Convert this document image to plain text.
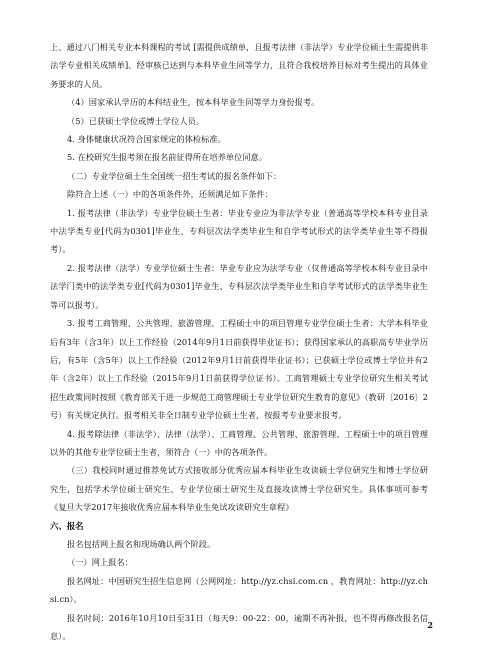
上、通过八门相关专业本科课程的考试 [需提供成绩单，且报考法律（非法学）专业学位硕士生需提供非法学专业相关成绩单]、经审核已达到与本科毕业生同等学力，且符合我校培养目标对考生提出的具体业务要求的人员。

（4）国家承认学历的本科结业生，按本科毕业生同等学力身份报考。

（5）已获硕士学位或博士学位人员。

4. 身体健康状况符合国家规定的体检标准。

5. 在校研究生报考须在报名前征得所在培养单位同意。

（二）专业学位硕士生全国统一招生考试的报名条件如下：

除符合上述（一）中的各项条件外，还须满足如下条件：

1. 报考法律（非法学）专业学位硕士生者：毕业专业应为非法学专业（普通高等学校本科专业目录中法学类专业[代码为0301]毕业生、专科层次法学类毕业生和自学考试形式的法学类毕业生等不得报考）。

2. 报考法律（法学）专业学位硕士生者：毕业专业应为法学专业（仅普通高等学校本科专业目录中法学门类中的法学类专业[代码为0301]毕业生、专科层次法学类毕业生和自学考试形式的法学类毕业生等可以报考）。

3. 报考工商管理、公共管理、旅游管理、工程硕士中的项目管理专业学位硕士生者：大学本科毕业后有3年（含3年）以上工作经验（2014年9月1日前获得毕业证书）；获得国家承认的高职高专毕业学历后，有5年（含5年）以上工作经验（2012年9月1日前获得毕业证书）；已获硕士学位或博士学位并有2年（含2年）以上工作经验（2015年9月1日前获得学位证书）。工商管理硕士专业学位研究生相关考试招生政策同时按照《教育部关于进一步规范工商管理硕士专业学位研究生教育的意见》（教研〔2016〕2号）有关规定执行。报考相关非全日制专业学位硕士生者，按报考专业要求报考。

4. 报考除法律（非法学）、法律（法学）、工商管理、公共管理、旅游管理、工程硕士中的项目管理以外的其他专业学位硕士生者，须符合（一）中的各项条件。

（三）我校同时通过推荐免试方式接收部分优秀应届本科毕业生攻读硕士学位研究生和博士学位研究生，包括学术学位硕士研究生、专业学位硕士研究生及直接攻读博士学位研究生。具体事项可参考《复旦大学2017年接收优秀应届本科毕业生免试攻读研究生章程》

六、报名

报名包括网上报名和现场确认两个阶段。

（一）网上报名：

报名网址：中国研究生招生信息网（公网网址：http://yz.chsi.com.cn ，教育网址：http://yz.chsi.cn）。

报名时间：2016年10月10日至31日（每天9：00-22：00，逾期不再补报，也不得再修改报名信息）。

2
